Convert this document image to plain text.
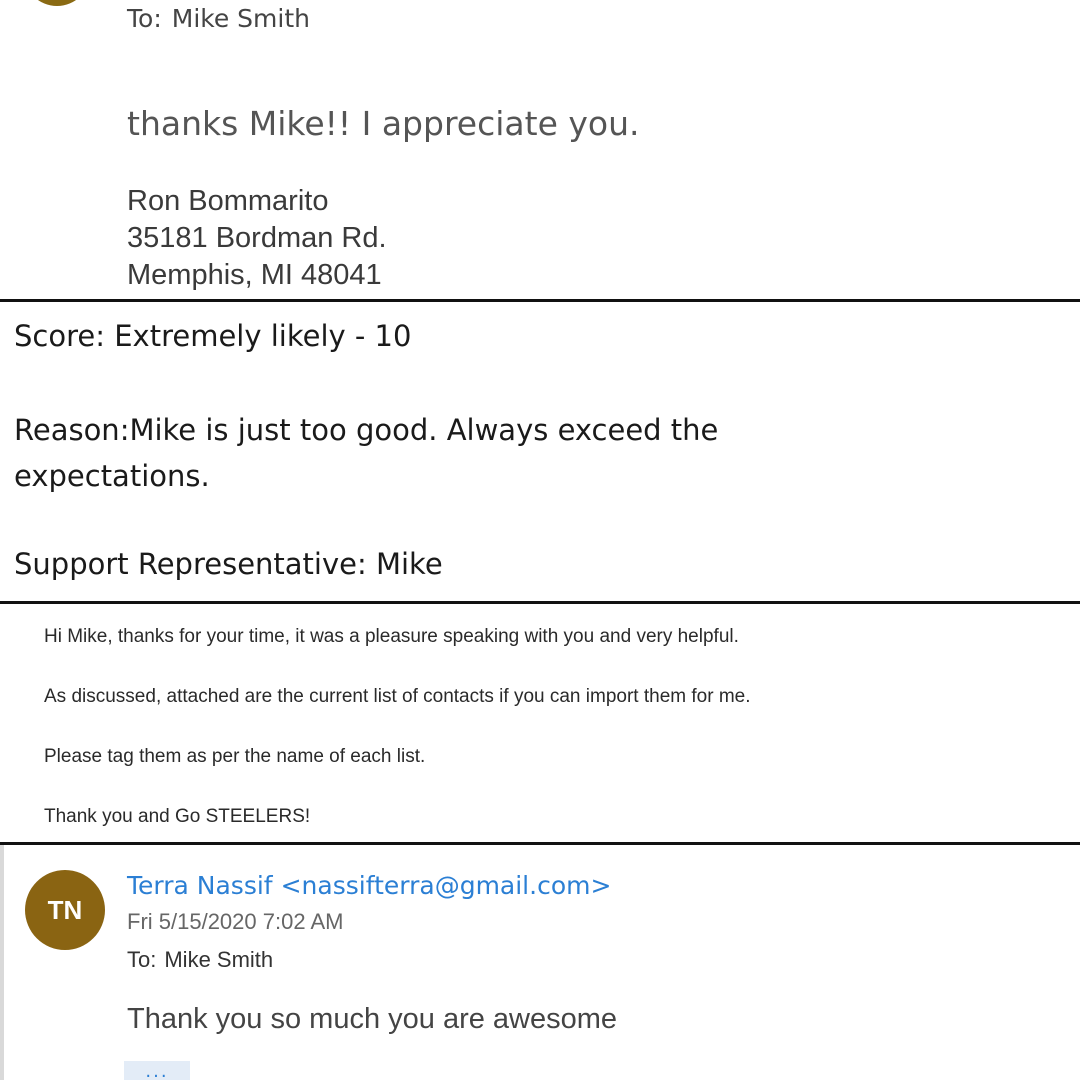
To: Mike Smith
thanks Mike!! I appreciate you.
Ron Bommarito
35181 Bordman Rd.
Memphis, MI 48041
Score: Extremely likely - 10
Reason:Mike is just too good. Always exceed the expectations.
Support Representative: Mike
Hi Mike, thanks for your time, it was a pleasure speaking with you and very helpful.
As discussed, attached are the current list of contacts if you can import them for me.
Please tag them as per the name of each list.
Thank you and Go STEELERS!
TN
Terra Nassif <nassifterra@gmail.com>
Fri 5/15/2020 7:02 AM
To: Mike Smith
Thank you so much you are awesome
...
